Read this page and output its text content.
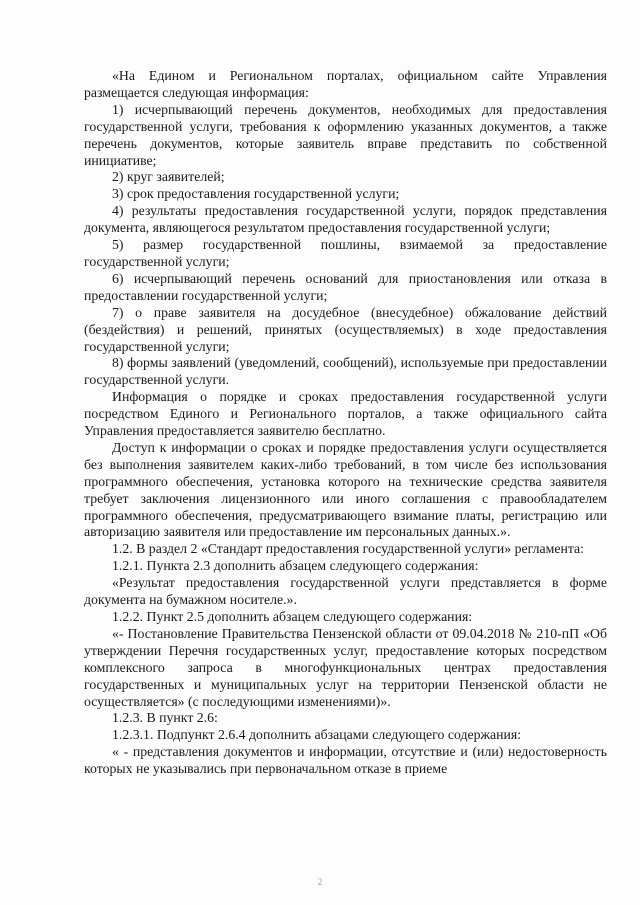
«На Едином и Региональном порталах, официальном сайте Управления размещается следующая информация:

1) исчерпывающий перечень документов, необходимых для предоставления государственной услуги, требования к оформлению указанных документов, а также перечень документов, которые заявитель вправе представить по собственной инициативе;

2) круг заявителей;

3) срок предоставления государственной услуги;

4) результаты предоставления государственной услуги, порядок представления документа, являющегося результатом предоставления государственной услуги;

5) размер государственной пошлины, взимаемой за предоставление государственной услуги;

6) исчерпывающий перечень оснований для приостановления или отказа в предоставлении государственной услуги;

7) о праве заявителя на досудебное (внесудебное) обжалование действий (бездействия) и решений, принятых (осуществляемых) в ходе предоставления государственной услуги;

8) формы заявлений (уведомлений, сообщений), используемые при предоставлении государственной услуги.

Информация о порядке и сроках предоставления государственной услуги посредством Единого и Регионального порталов, а также официального сайта Управления предоставляется заявителю бесплатно.

Доступ к информации о сроках и порядке предоставления услуги осуществляется без выполнения заявителем каких-либо требований, в том числе без использования программного обеспечения, установка которого на технические средства заявителя требует заключения лицензионного или иного соглашения с правообладателем программного обеспечения, предусматривающего взимание платы, регистрацию или авторизацию заявителя или предоставление им персональных данных.».

1.2. В раздел 2 «Стандарт предоставления государственной услуги» регламента:

1.2.1. Пункта 2.3 дополнить абзацем следующего содержания:

«Результат предоставления государственной услуги представляется в форме документа на бумажном носителе.».

1.2.2. Пункт 2.5 дополнить абзацем следующего содержания:

«- Постановление Правительства Пензенской области от 09.04.2018 № 210-пП «Об утверждении Перечня государственных услуг, предоставление которых посредством комплексного запроса в многофункциональных центрах предоставления государственных и муниципальных услуг на территории Пензенской области не осуществляется» (с последующими изменениями)».

1.2.3. В пункт 2.6:

1.2.3.1. Подпункт 2.6.4 дополнить абзацами следующего содержания:

« - представления документов и информации, отсутствие и (или) недостоверность которых не указывались при первоначальном отказе в приеме

2
